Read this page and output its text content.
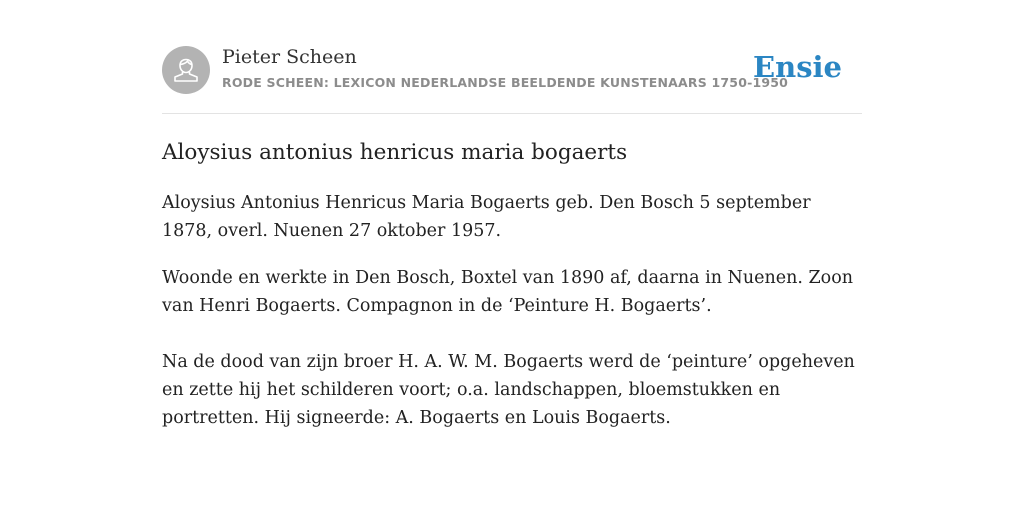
Pieter Scheen
RODE SCHEEN: LEXICON NEDERLANDSE BEELDENDE KUNSTENAARS 1750-1950
Ensie
Aloysius antonius henricus maria bogaerts

Aloysius Antonius Henricus Maria Bogaerts geb. Den Bosch 5 september 1878, overl. Nuenen 27 oktober 1957.

Woonde en werkte in Den Bosch, Boxtel van 1890 af, daarna in Nuenen. Zoon van Henri Bogaerts. Compagnon in de ‘Peinture H. Bogaerts’.

Na de dood van zijn broer H. A. W. M. Bogaerts werd de ‘peinture’ opgeheven en zette hij het schilderen voort; o.a. landschappen, bloemstukken en portretten. Hij signeerde: A. Bogaerts en Louis Bogaerts.
